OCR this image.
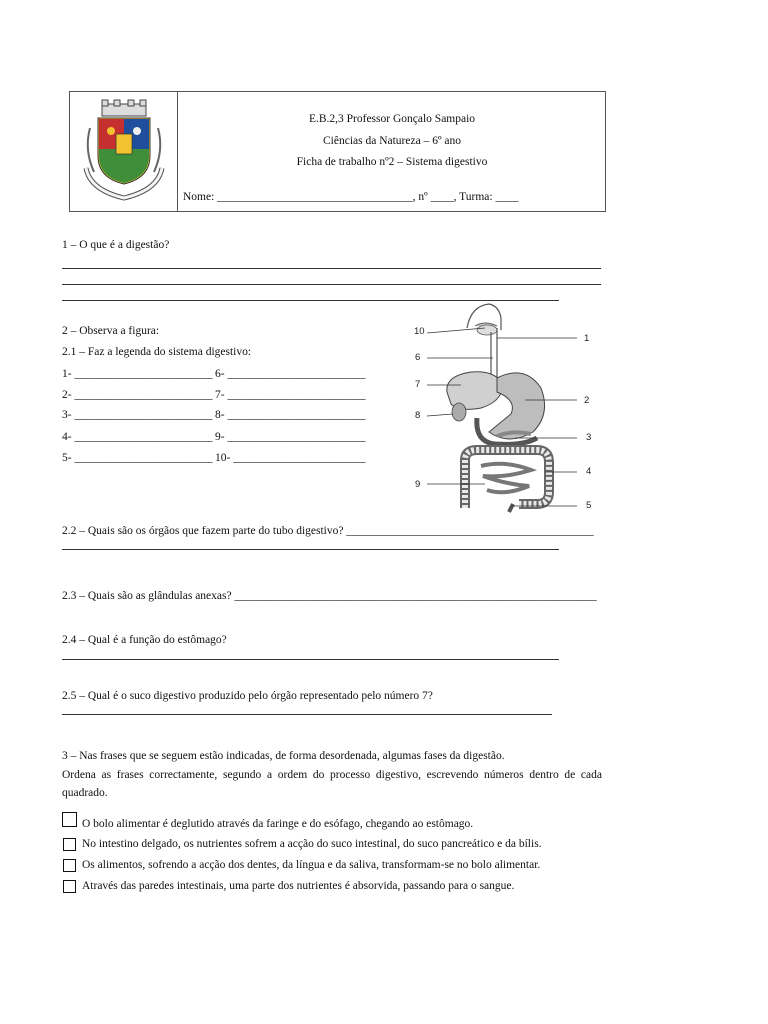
E.B.2,3 Professor Gonçalo Sampaio
Ciências da Natureza – 6º ano
Ficha de trabalho nº2 – Sistema digestivo
Nome: __________________________________, nº ____, Turma: ____
1 – O que é a digestão?
2 – Observa a figura:
2.1 – Faz a legenda do sistema digestivo:
1- ________________________
2- ________________________
3- ________________________
4- ________________________
5- ________________________
6- ________________________
7- ________________________
8- ________________________
9- ________________________
10- _______________________
10
1
6
7
2
8
3
4
9
5
2.2 – Quais são os órgãos que fazem parte do tubo digestivo? ___________________________________________
2.3 – Quais são as glândulas anexas? _______________________________________________________________
2.4 – Qual é a função do estômago?
2.5 – Qual é o suco digestivo produzido pelo órgão representado pelo número 7?
3 – Nas frases que se seguem estão indicadas, de forma desordenada, algumas fases da digestão.
Ordena as frases correctamente, segundo a ordem do processo digestivo, escrevendo números dentro de cada quadrado.
O bolo alimentar é deglutido através da faringe e do esófago, chegando ao estômago.
No intestino delgado, os nutrientes sofrem a acção do suco intestinal, do suco pancreático e da bílis.
Os alimentos, sofrendo a acção dos dentes, da língua e da saliva, transformam-se no bolo alimentar.
Através das paredes intestinais, uma parte dos nutrientes é absorvida, passando para o sangue.
